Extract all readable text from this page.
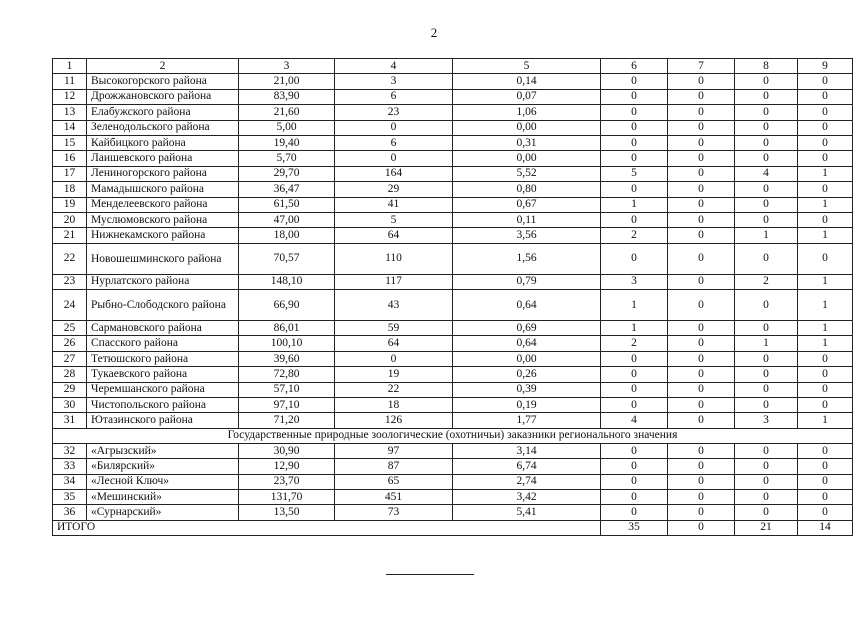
2
1	2	3	4	5	6	7	8	9
11	Высокогорского района	21,00	3	0,14	0	0	0	0
12	Дрожжановского района	83,90	6	0,07	0	0	0	0
13	Елабужского района	21,60	23	1,06	0	0	0	0
14	Зеленодольского района	5,00	0	0,00	0	0	0	0
15	Кайбицкого района	19,40	6	0,31	0	0	0	0
16	Лаишевского района	5,70	0	0,00	0	0	0	0
17	Лениногорского района	29,70	164	5,52	5	0	4	1
18	Мамадышского района	36,47	29	0,80	0	0	0	0
19	Менделеевского района	61,50	41	0,67	1	0	0	1
20	Муслюмовского района	47,00	5	0,11	0	0	0	0
21	Нижнекамского района	18,00	64	3,56	2	0	1	1
22	Новошешминского района	70,57	110	1,56	0	0	0	0
23	Нурлатского района	148,10	117	0,79	3	0	2	1
24	Рыбно-Слободского района	66,90	43	0,64	1	0	0	1
25	Сармановского района	86,01	59	0,69	1	0	0	1
26	Спасского района	100,10	64	0,64	2	0	1	1
27	Тетюшского района	39,60	0	0,00	0	0	0	0
28	Тукаевского района	72,80	19	0,26	0	0	0	0
29	Черемшанского района	57,10	22	0,39	0	0	0	0
30	Чистопольского района	97,10	18	0,19	0	0	0	0
31	Ютазинского района	71,20	126	1,77	4	0	3	1
Государственные природные зоологические (охотничьи) заказники регионального значения								
32	«Агрызский»	30,90	97	3,14	0	0	0	0
33	«Билярский»	12,90	87	6,74	0	0	0	0
34	«Лесной Ключ»	23,70	65	2,74	0	0	0	0
35	«Мешинский»	131,70	451	3,42	0	0	0	0
36	«Сурнарский»	13,50	73	5,41	0	0	0	0
ИТОГО					35	0	21	14
